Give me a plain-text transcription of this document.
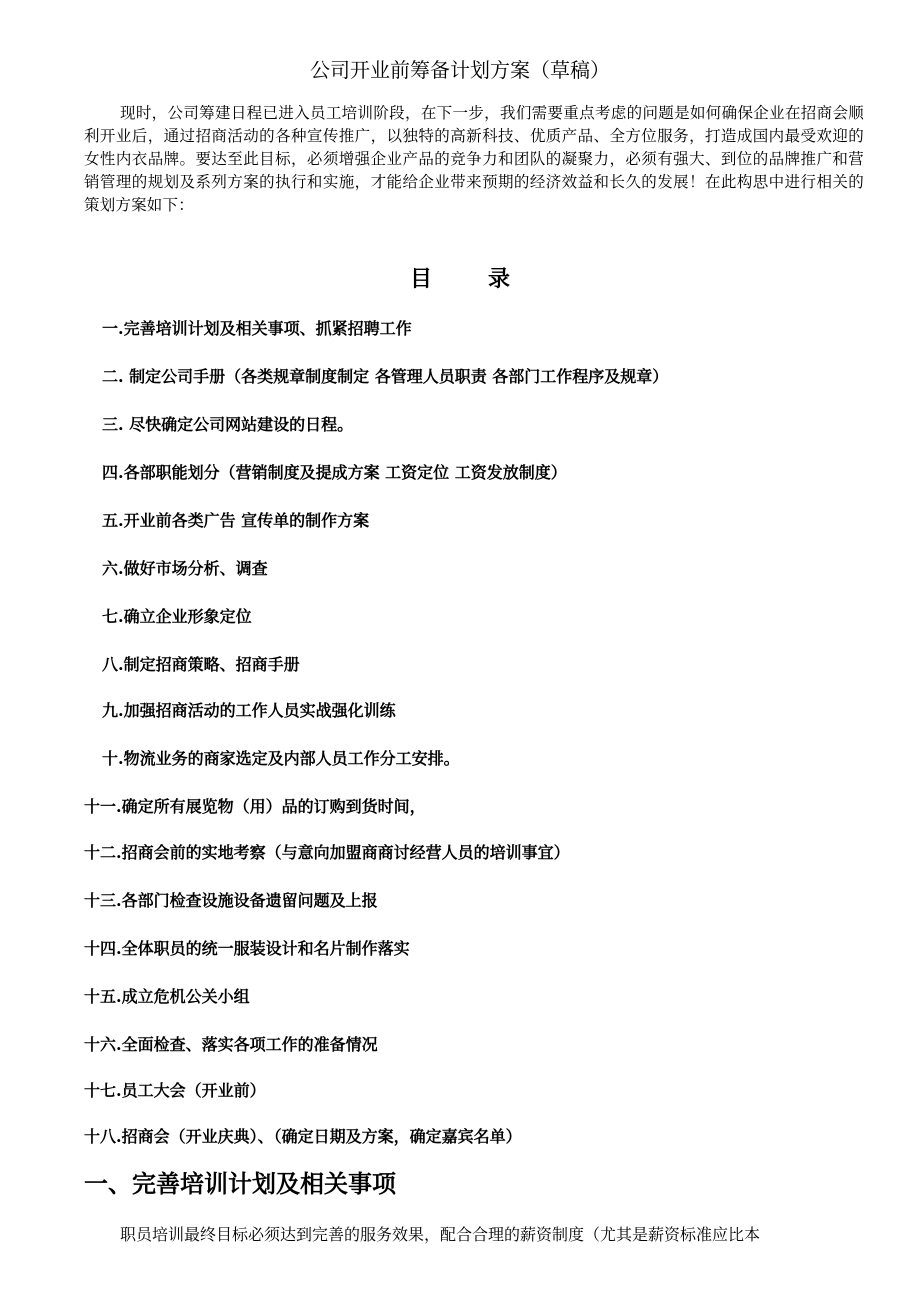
公司开业前筹备计划方案（草稿）
现时，公司筹建日程已进入员工培训阶段，在下一步，我们需要重点考虑的问题是如何确保企业在招商会顺利开业后，通过招商活动的各种宣传推广，以独特的高新科技、优质产品、全方位服务，打造成国内最受欢迎的女性内衣品牌。要达至此目标，必须增强企业产品的竞争力和团队的凝聚力，必须有强大、到位的品牌推广和营销管理的规划及系列方案的执行和实施，才能给企业带来预期的经济效益和长久的发展！在此构思中进行相关的策划方案如下：
目	录
一.完善培训计划及相关事项、抓紧招聘工作
二. 制定公司手册（各类规章制度制定 各管理人员职责 各部门工作程序及规章）
三. 尽快确定公司网站建设的日程。
四.各部职能划分（营销制度及提成方案 工资定位 工资发放制度）
五.开业前各类广告 宣传单的制作方案
六.做好市场分析、调查
七.确立企业形象定位
八.制定招商策略、招商手册
九.加强招商活动的工作人员实战强化训练
十.物流业务的商家选定及内部人员工作分工安排。
十一.确定所有展览物（用）品的订购到货时间，
十二.招商会前的实地考察（与意向加盟商商讨经营人员的培训事宜）
十三.各部门检查设施设备遗留问题及上报
十四.全体职员的统一服装设计和名片制作落实
十五.成立危机公关小组
十六.全面检查、落实各项工作的准备情况
十七.员工大会（开业前）
十八.招商会（开业庆典）、（确定日期及方案，确定嘉宾名单）
一、完善培训计划及相关事项
职员培训最终目标必须达到完善的服务效果，配合合理的薪资制度（尤其是薪资标准应比本
